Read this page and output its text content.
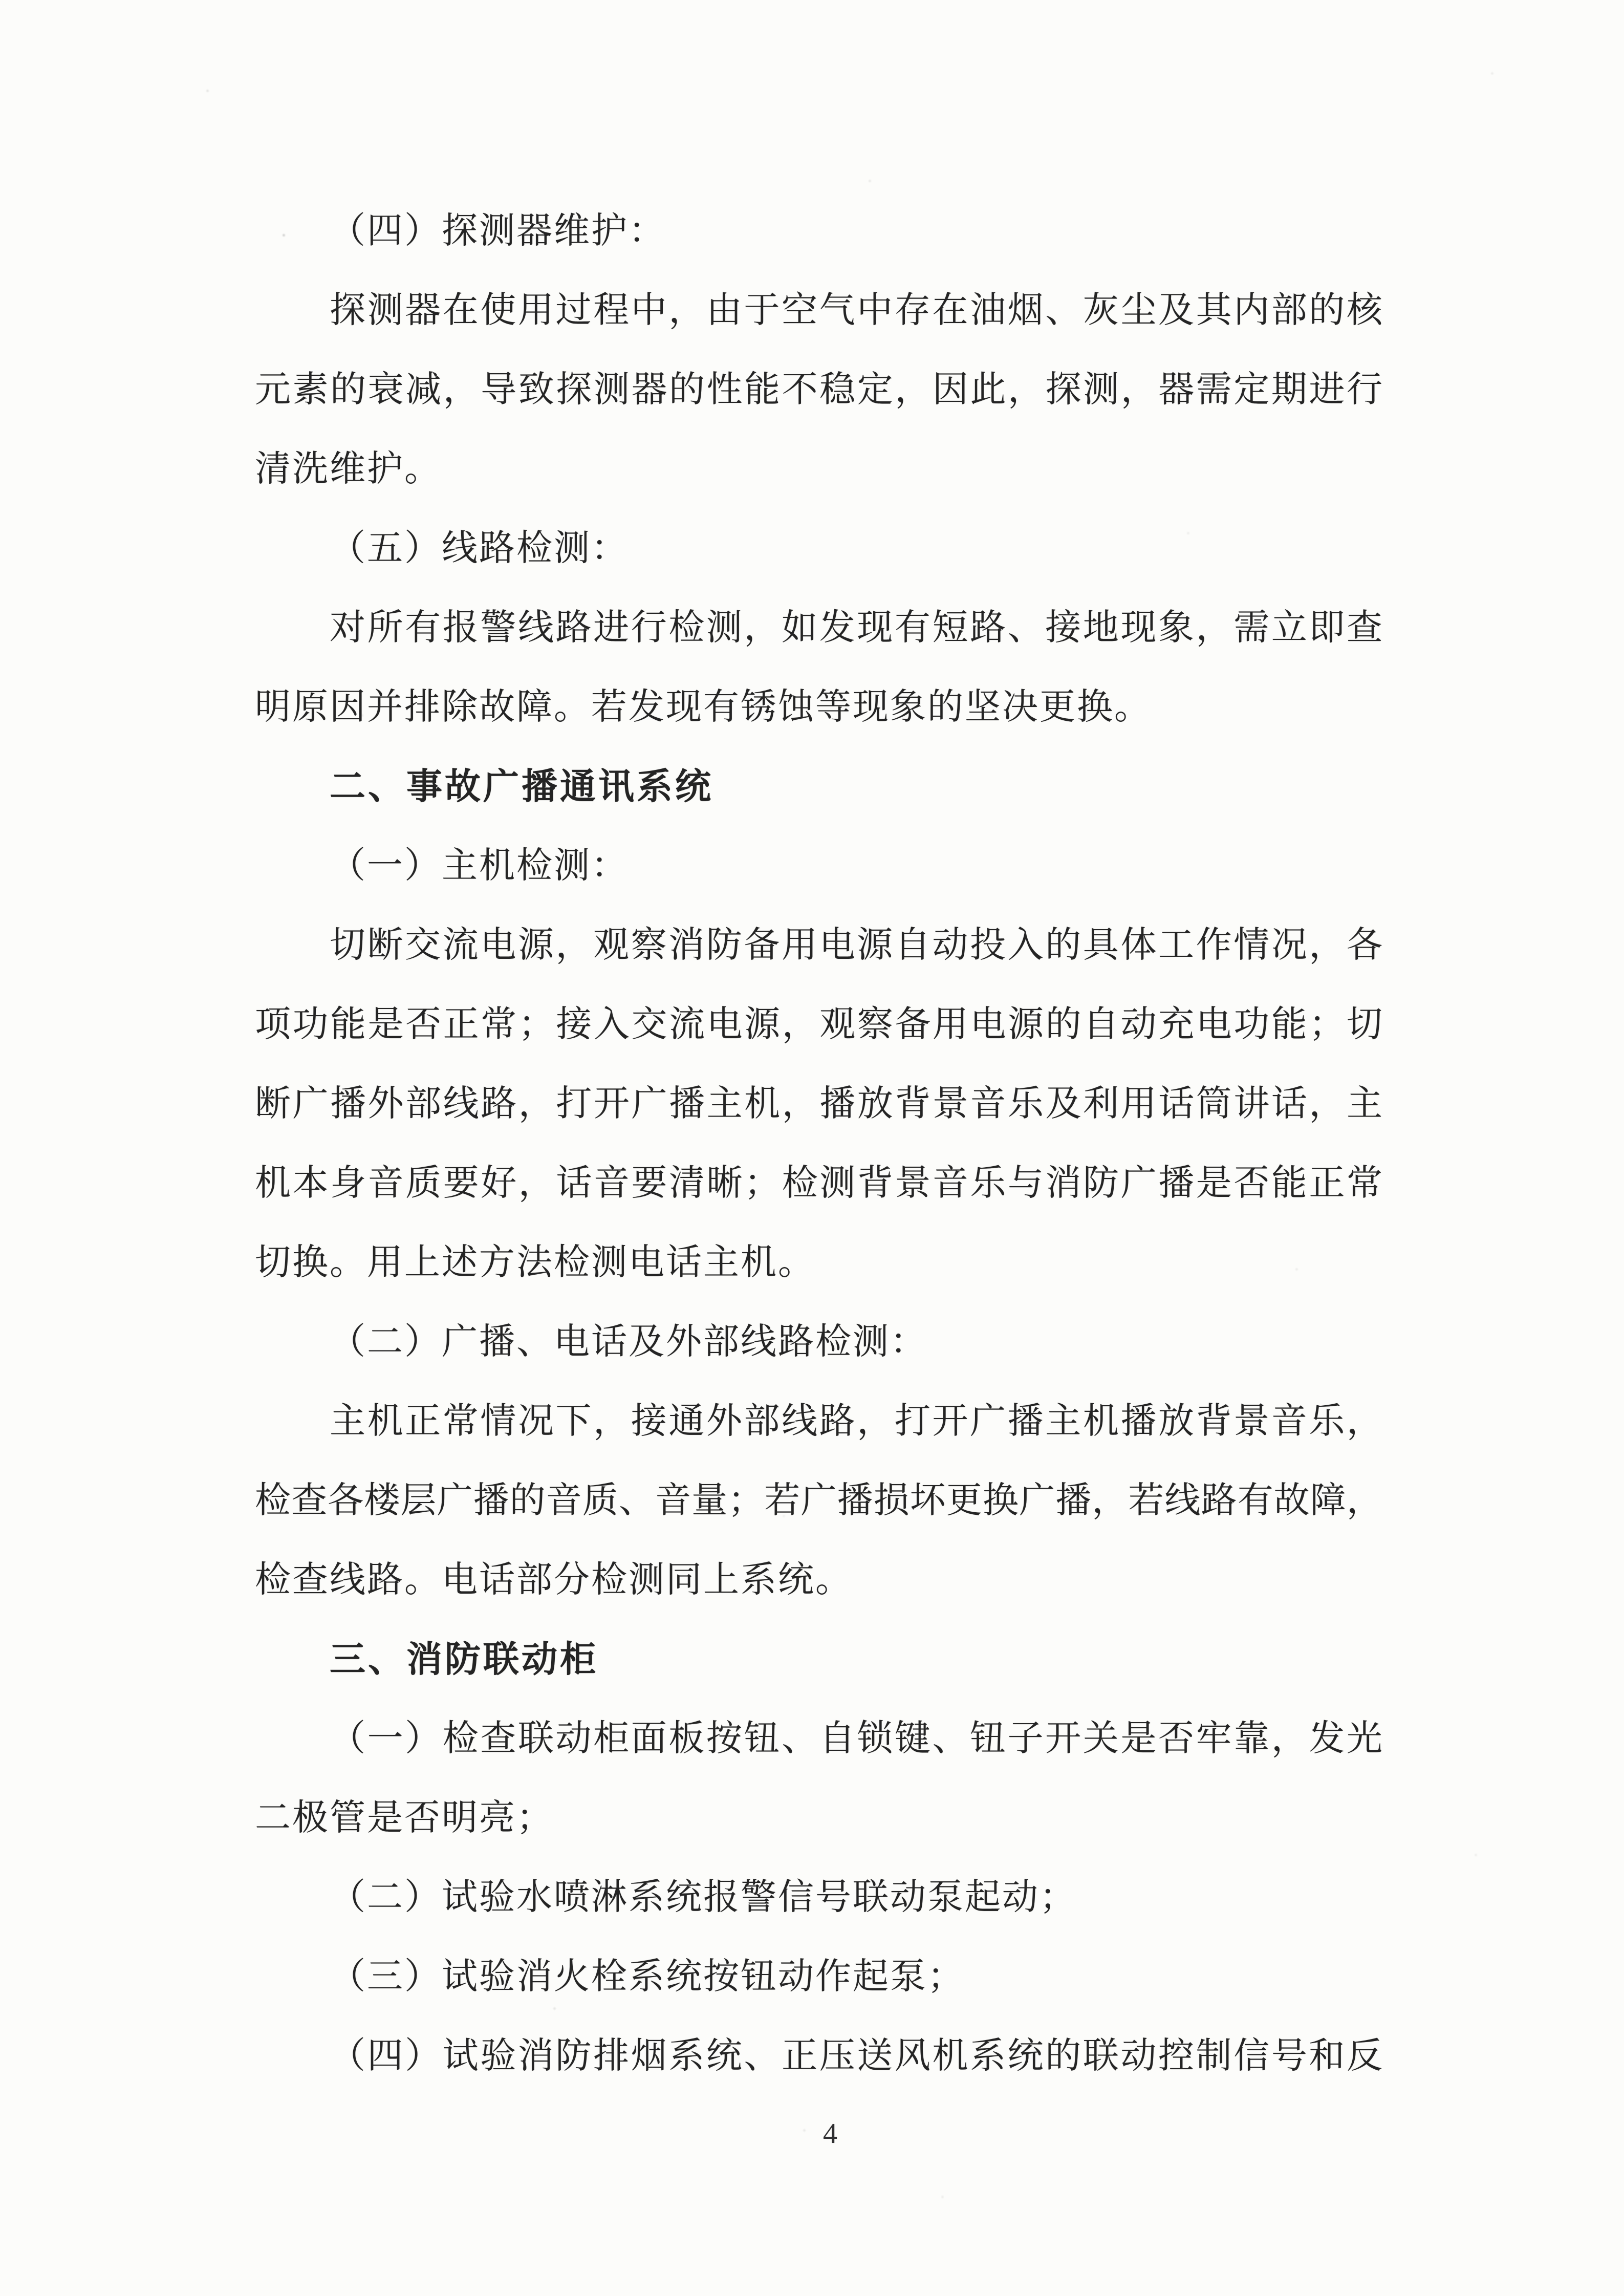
（四）探测器维护：
探测器在使用过程中，由于空气中存在油烟、灰尘及其内部的核
元素的衰减，导致探测器的性能不稳定，因此，探测，器需定期进行
清洗维护。
（五）线路检测：
对所有报警线路进行检测，如发现有短路、接地现象，需立即查
明原因并排除故障。若发现有锈蚀等现象的坚决更换。
二、事故广播通讯系统
（一）主机检测：
切断交流电源，观察消防备用电源自动投入的具体工作情况，各
项功能是否正常；接入交流电源，观察备用电源的自动充电功能；切
断广播外部线路，打开广播主机，播放背景音乐及利用话筒讲话，主
机本身音质要好，话音要清晰；检测背景音乐与消防广播是否能正常
切换。用上述方法检测电话主机。
（二）广播、电话及外部线路检测：
主机正常情况下，接通外部线路，打开广播主机播放背景音乐，
检查各楼层广播的音质、音量；若广播损坏更换广播，若线路有故障，
检查线路。电话部分检测同上系统。
三、消防联动柜
（一）检查联动柜面板按钮、自锁键、钮子开关是否牢靠，发光
二极管是否明亮；
（二）试验水喷淋系统报警信号联动泵起动；
（三）试验消火栓系统按钮动作起泵；
（四）试验消防排烟系统、正压送风机系统的联动控制信号和反
4
